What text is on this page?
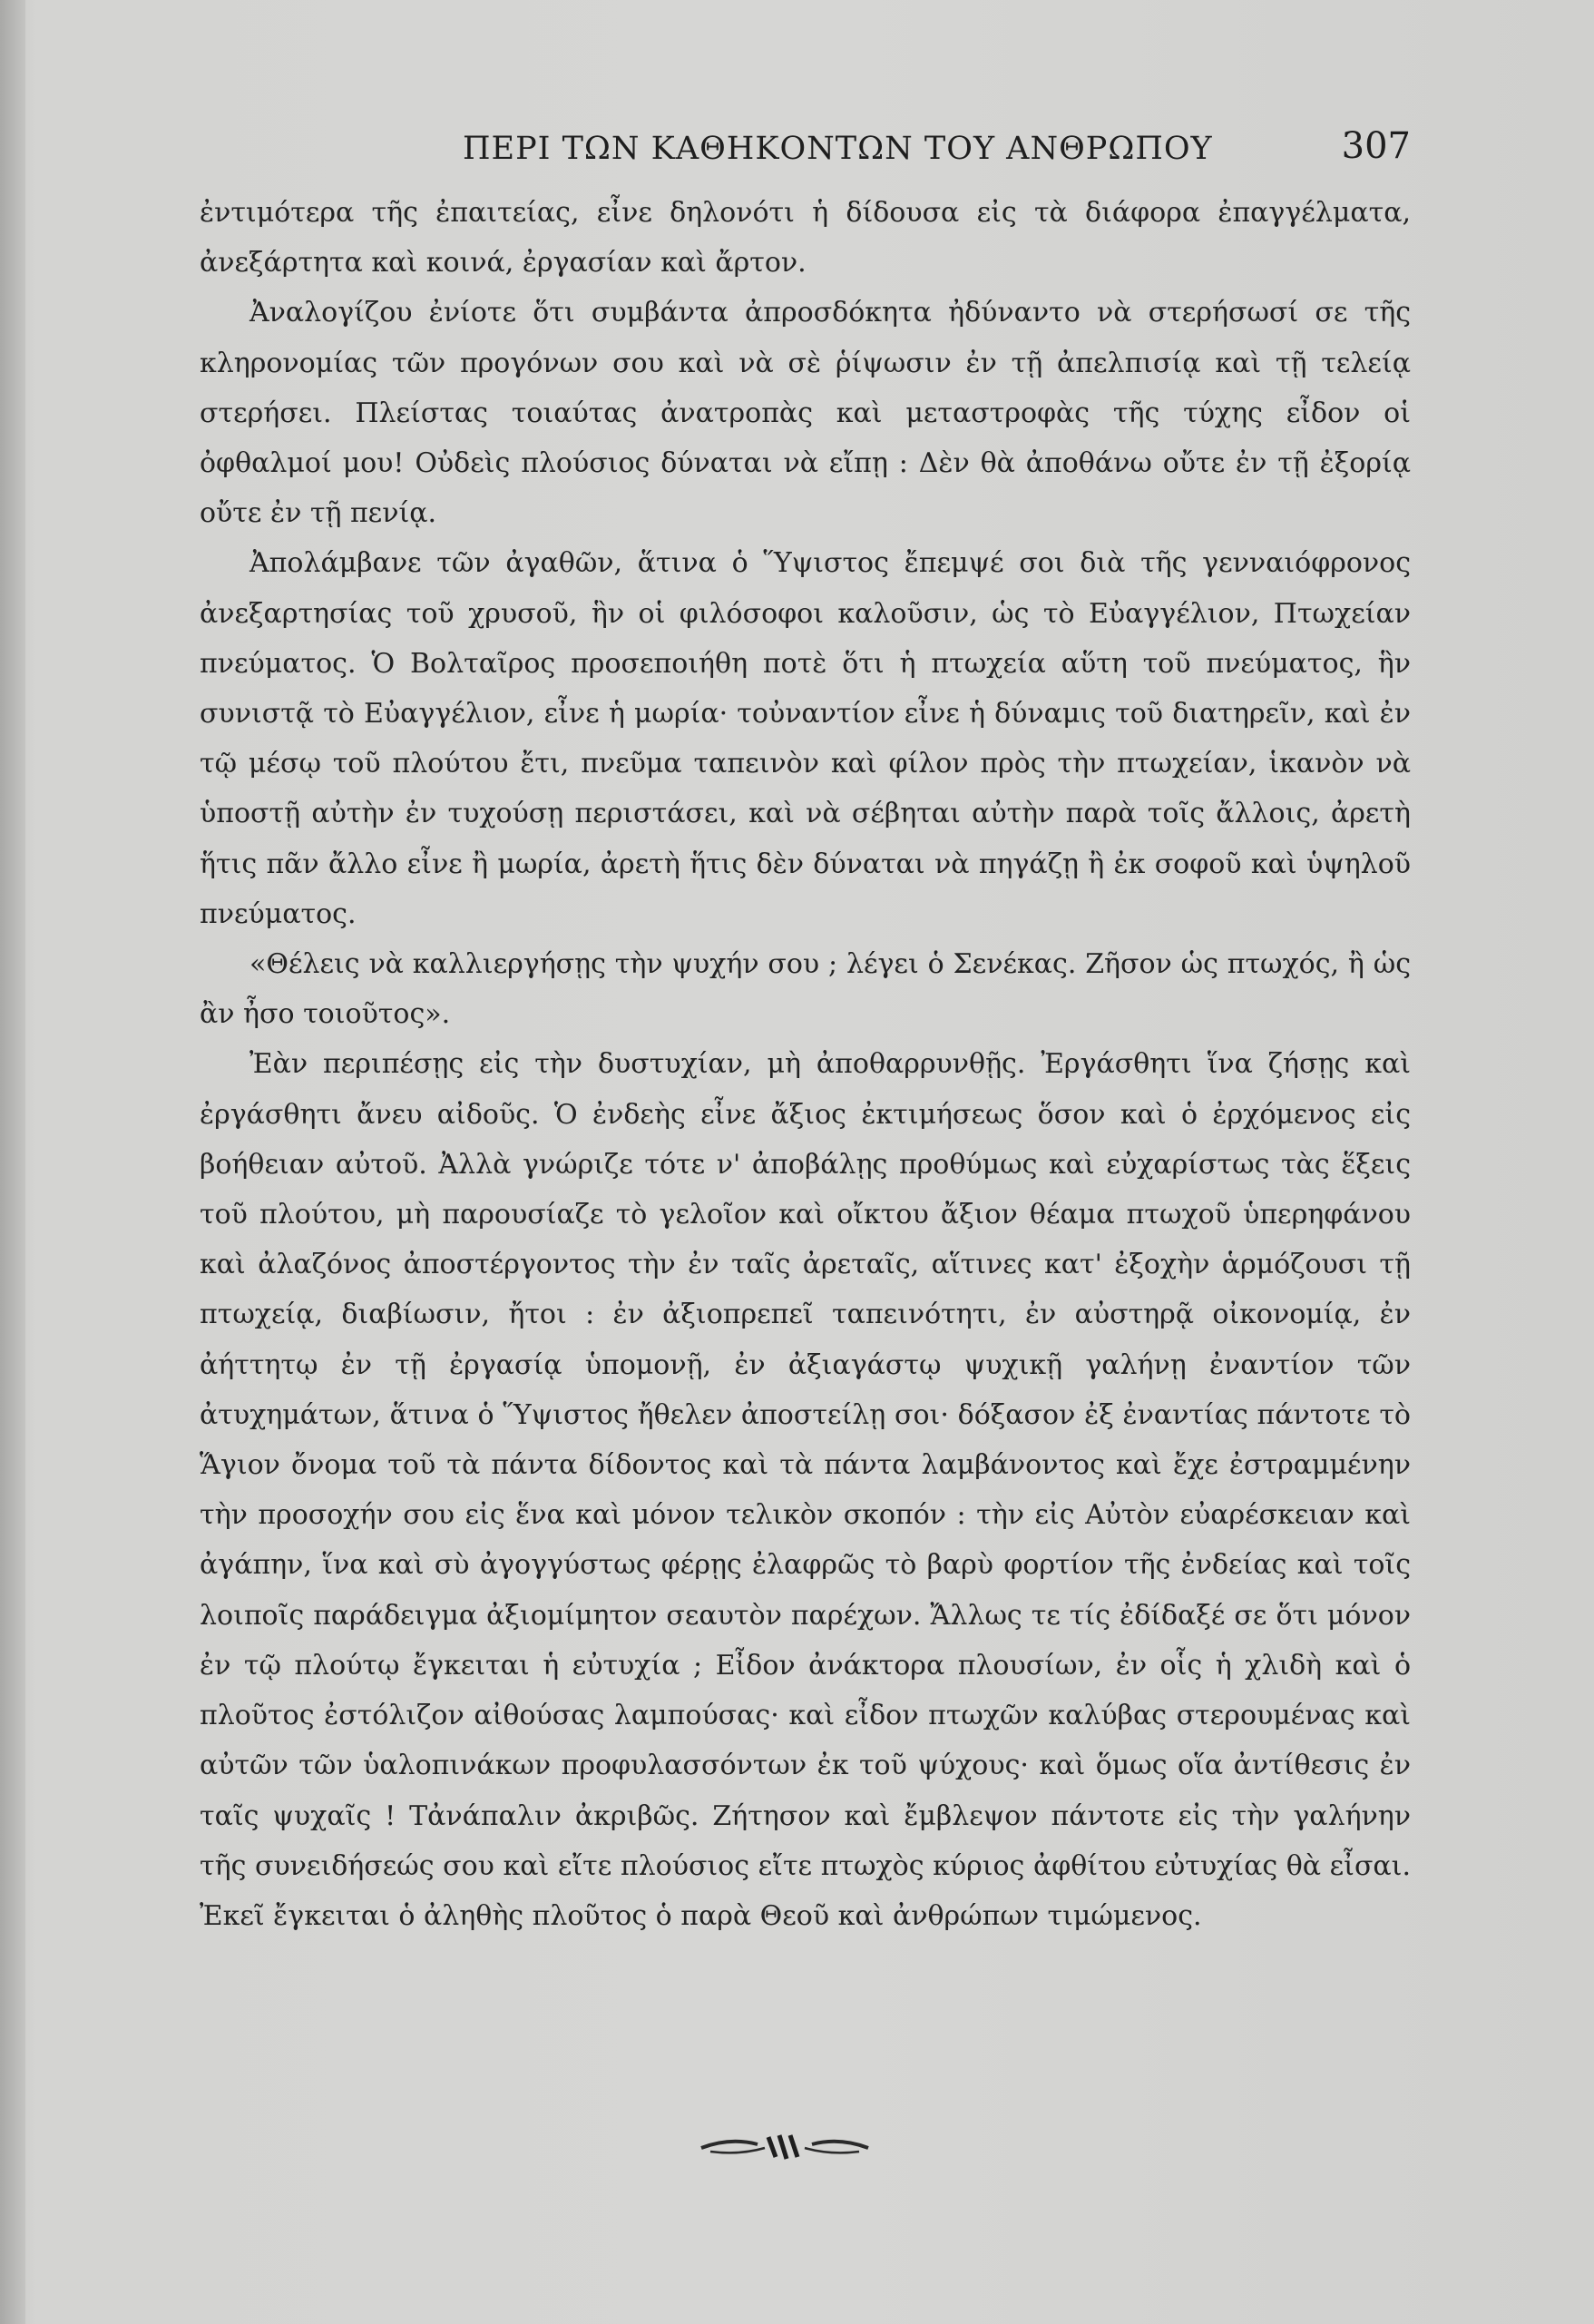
ΠΕΡΙ ΤΩΝ ΚΑΘΗΚΟΝΤΩΝ ΤΟΥ ΑΝΘΡΩΠΟΥ	307

ἐντιμότερα τῆς ἐπαιτείας, εἶνε δηλονότι ἡ δίδουσα εἰς τὰ διάφορα ἐπαγγέλματα, ἀνεξάρτητα καὶ κοινά, ἐργασίαν καὶ ἄρτον.

Ἀναλογίζου ἐνίοτε ὅτι συμβάντα ἀπροσδόκητα ἠδύναντο νὰ στερήσωσί σε τῆς κληρονομίας τῶν προγόνων σου καὶ νὰ σὲ ῥίψωσιν ἐν τῇ ἀπελπισίᾳ καὶ τῇ τελείᾳ στερήσει. Πλείστας τοιαύτας ἀνατροπὰς καὶ μεταστροφὰς τῆς τύχης εἶδον οἱ ὀφθαλμοί μου! Οὐδεὶς πλούσιος δύναται νὰ εἴπῃ : Δὲν θὰ ἀποθάνω οὔτε ἐν τῇ ἐξορίᾳ οὔτε ἐν τῇ πενίᾳ.

Ἀπολάμβανε τῶν ἀγαθῶν, ἅτινα ὁ Ὕψιστος ἔπεμψέ σοι διὰ τῆς γενναιόφρονος ἀνεξαρτησίας τοῦ χρυσοῦ, ἣν οἱ φιλόσοφοι καλοῦσιν, ὡς τὸ Εὐαγγέλιον, Πτωχείαν πνεύματος. Ὁ Βολταῖρος προσεποιήθη ποτὲ ὅτι ἡ πτωχεία αὕτη τοῦ πνεύματος, ἣν συνιστᾷ τὸ Εὐαγγέλιον, εἶνε ἡ μωρία· τοὐναντίον εἶνε ἡ δύναμις τοῦ διατηρεῖν, καὶ ἐν τῷ μέσῳ τοῦ πλούτου ἔτι, πνεῦμα ταπεινὸν καὶ φίλον πρὸς τὴν πτωχείαν, ἱκανὸν νὰ ὑποστῇ αὐτὴν ἐν τυχούσῃ περιστάσει, καὶ νὰ σέβηται αὐτὴν παρὰ τοῖς ἄλλοις, ἀρετὴ ἥτις πᾶν ἄλλο εἶνε ἢ μωρία, ἀρετὴ ἥτις δὲν δύναται νὰ πηγάζῃ ἢ ἐκ σοφοῦ καὶ ὑψηλοῦ πνεύματος.

«Θέλεις νὰ καλλιεργήσῃς τὴν ψυχήν σου ; λέγει ὁ Σενέκας. Ζῆσον ὡς πτωχός, ἢ ὡς ἂν ἦσο τοιοῦτος».

Ἐὰν περιπέσῃς εἰς τὴν δυστυχίαν, μὴ ἀποθαρρυνθῇς. Ἐργάσθητι ἵνα ζήσῃς καὶ ἐργάσθητι ἄνευ αἰδοῦς. Ὁ ἐνδεὴς εἶνε ἄξιος ἐκτιμήσεως ὅσον καὶ ὁ ἐρχόμενος εἰς βοήθειαν αὐτοῦ. Ἀλλὰ γνώριζε τότε ν' ἀποβάλῃς προθύμως καὶ εὐχαρίστως τὰς ἕξεις τοῦ πλούτου, μὴ παρουσίαζε τὸ γελοῖον καὶ οἴκτου ἄξιον θέαμα πτωχοῦ ὑπερηφάνου καὶ ἀλαζόνος ἀποστέργοντος τὴν ἐν ταῖς ἀρεταῖς, αἵτινες κατ' ἐξοχὴν ἁρμόζουσι τῇ πτωχείᾳ, διαβίωσιν, ἤτοι : ἐν ἀξιοπρεπεῖ ταπεινότητι, ἐν αὐστηρᾷ οἰκονομίᾳ, ἐν ἀήττητῳ ἐν τῇ ἐργασίᾳ ὑπομονῇ, ἐν ἀξιαγάστῳ ψυχικῇ γαλήνῃ ἐναντίον τῶν ἀτυχημάτων, ἅτινα ὁ Ὕψιστος ἤθελεν ἀποστείλῃ σοι· δόξασον ἐξ ἐναντίας πάντοτε τὸ Ἅγιον ὄνομα τοῦ τὰ πάντα δίδοντος καὶ τὰ πάντα λαμβάνοντος καὶ ἔχε ἐστραμμένην τὴν προσοχήν σου εἰς ἕνα καὶ μόνον τελικὸν σκοπόν : τὴν εἰς Αὐτὸν εὐαρέσκειαν καὶ ἀγάπην, ἵνα καὶ σὺ ἀγογγύστως φέρῃς ἐλαφρῶς τὸ βαρὺ φορτίον τῆς ἐνδείας καὶ τοῖς λοιποῖς παράδειγμα ἀξιομίμητον σεαυτὸν παρέχων. Ἄλλως τε τίς ἐδίδαξέ σε ὅτι μόνον ἐν τῷ πλούτῳ ἔγκειται ἡ εὐτυχία ; Εἶδον ἀνάκτορα πλουσίων, ἐν οἷς ἡ χλιδὴ καὶ ὁ πλοῦτος ἐστόλιζον αἰθούσας λαμπούσας· καὶ εἶδον πτωχῶν καλύβας στερουμένας καὶ αὐτῶν τῶν ὑαλοπινάκων προφυλασσόντων ἐκ τοῦ ψύχους· καὶ ὅμως οἵα ἀντίθεσις ἐν ταῖς ψυχαῖς ! Τἀνάπαλιν ἀκριβῶς. Ζήτησον καὶ ἔμβλεψον πάντοτε εἰς τὴν γαλήνην τῆς συνειδήσεώς σου καὶ εἴτε πλούσιος εἴτε πτωχὸς κύριος ἀφθίτου εὐτυχίας θὰ εἶσαι. Ἐκεῖ ἔγκειται ὁ ἀληθὴς πλοῦτος ὁ παρὰ Θεοῦ καὶ ἀνθρώπων τιμώμενος.
